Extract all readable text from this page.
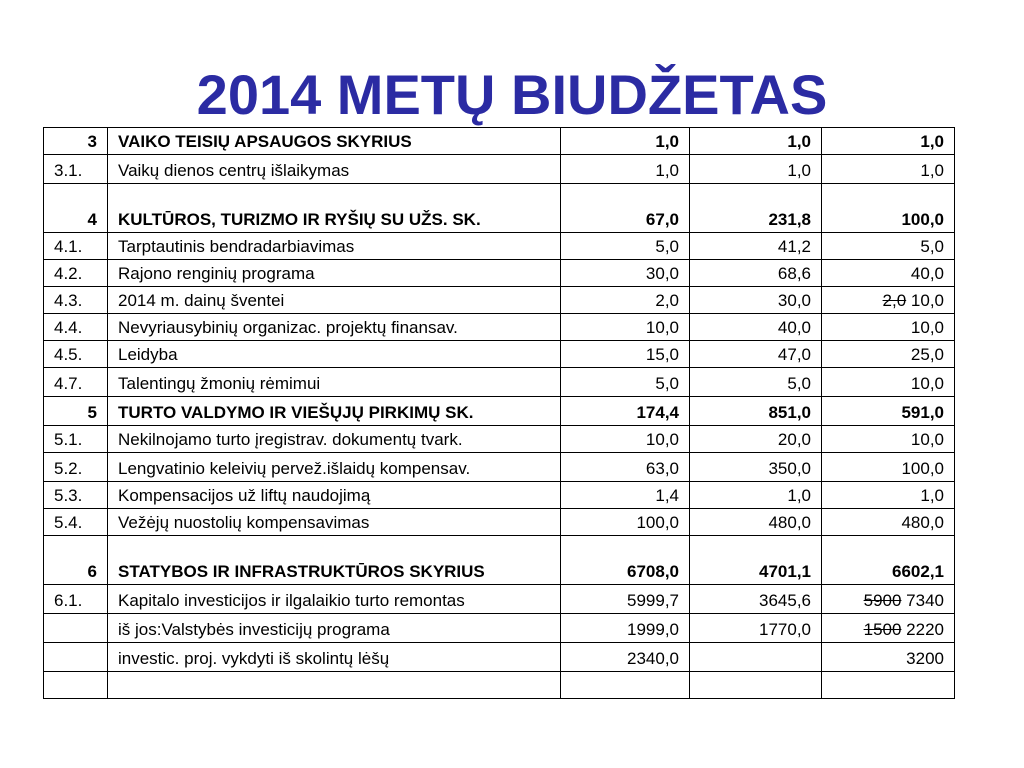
2014 METŲ BIUDŽETAS
3	VAIKO TEISIŲ APSAUGOS SKYRIUS	1,0	1,0	1,0
3.1.	Vaikų dienos centrų išlaikymas	1,0	1,0	1,0
4	KULTŪROS, TURIZMO IR RYŠIŲ SU UŽS. SK.	67,0	231,8	100,0
4.1.	Tarptautinis bendradarbiavimas	5,0	41,2	5,0
4.2.	Rajono renginių programa	30,0	68,6	40,0
4.3.	2014 m. dainų šventei	2,0	30,0	2,0 10,0
4.4.	Nevyriausybinių organizac. projektų finansav.	10,0	40,0	10,0
4.5.	Leidyba	15,0	47,0	25,0
4.7.	Talentingų žmonių rėmimui	5,0	5,0	10,0
5	TURTO VALDYMO IR VIEŠŲJŲ PIRKIMŲ SK.	174,4	851,0	591,0
5.1.	Nekilnojamo turto įregistrav. dokumentų tvark.	10,0	20,0	10,0
5.2.	Lengvatinio keleivių pervež.išlaidų kompensav.	63,0	350,0	100,0
5.3.	Kompensacijos už liftų naudojimą	1,4	1,0	1,0
5.4.	Vežėjų nuostolių kompensavimas	100,0	480,0	480,0
6	STATYBOS IR INFRASTRUKTŪROS SKYRIUS	6708,0	4701,1	6602,1
6.1.	Kapitalo investicijos ir ilgalaikio turto remontas	5999,7	3645,6	5900 7340
	iš jos:Valstybės investicijų programa	1999,0	1770,0	1500 2220
	investic. proj. vykdyti iš skolintų lėšų	2340,0		3200
